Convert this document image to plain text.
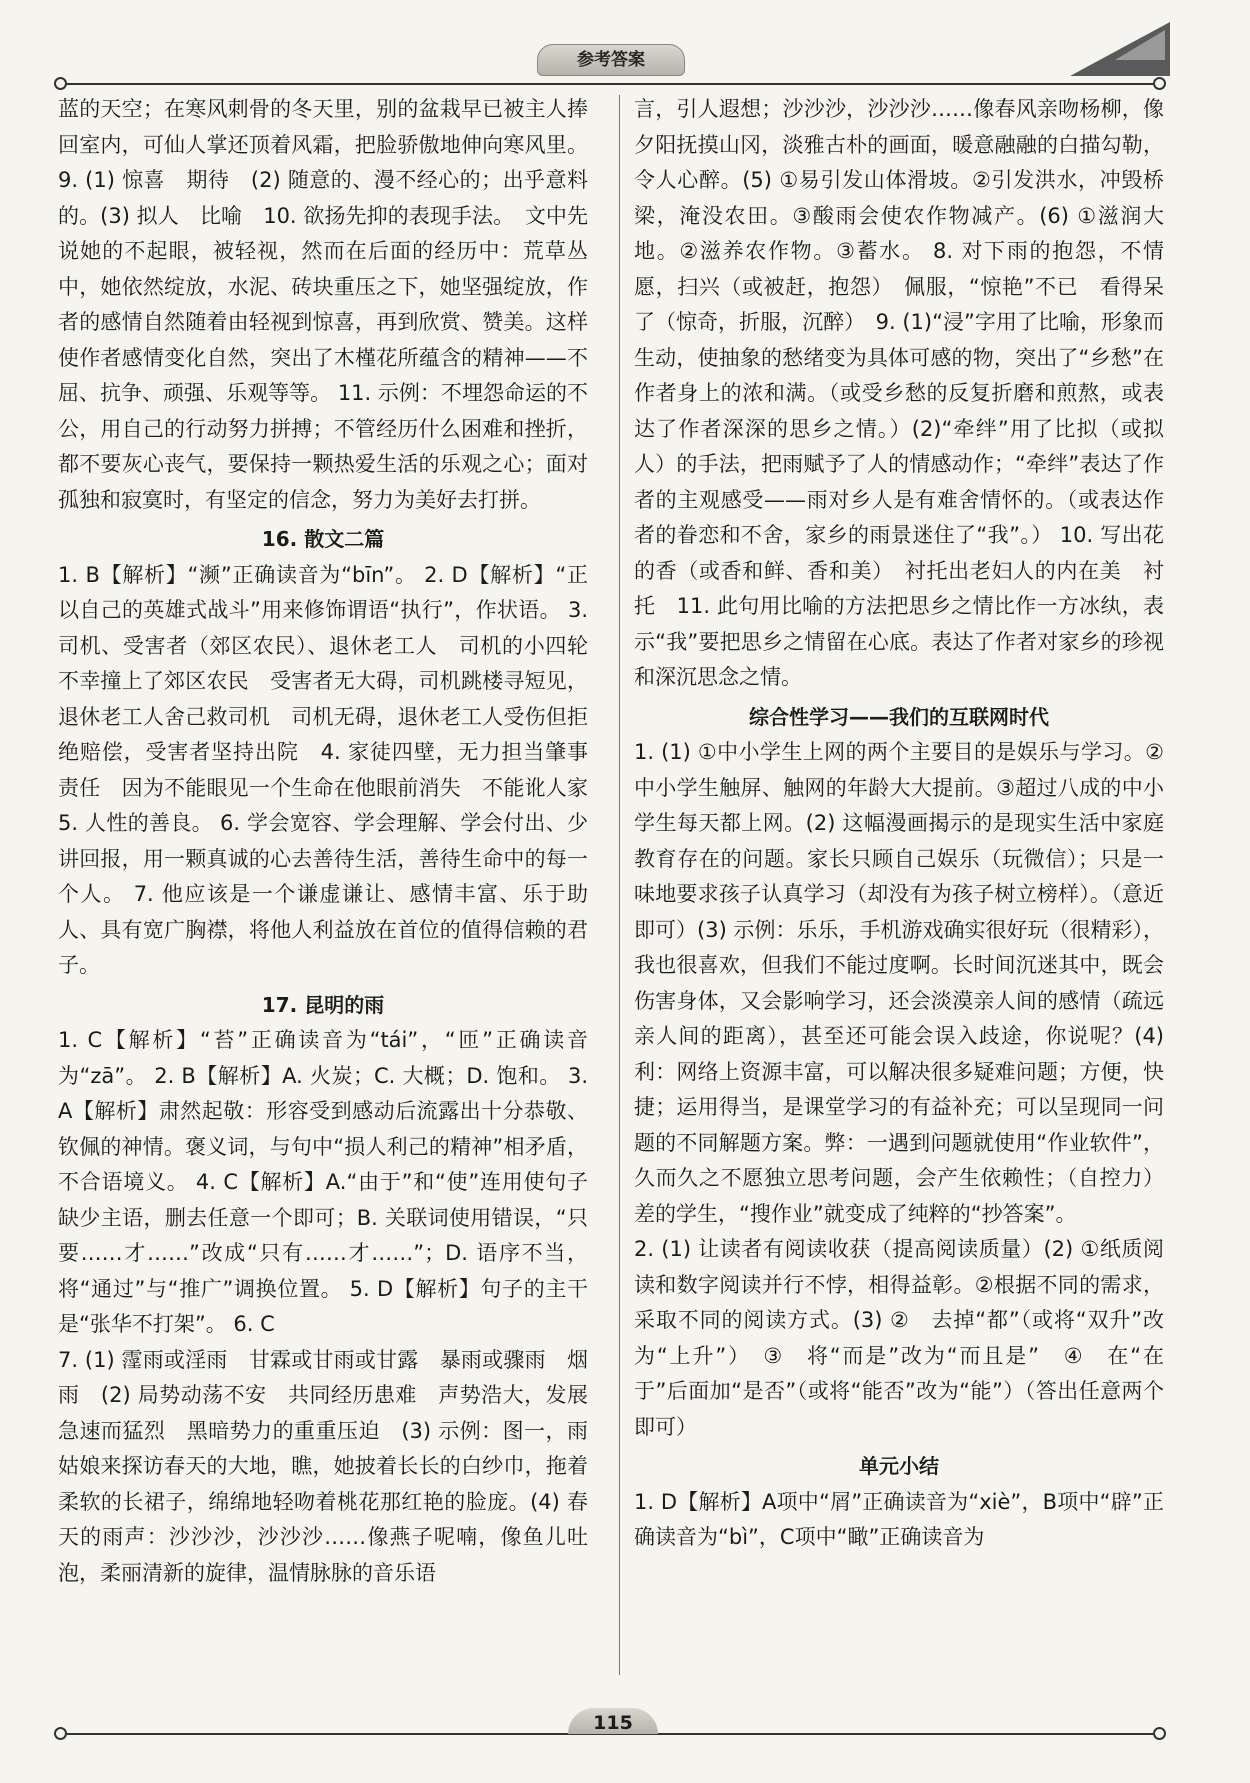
参考答案

蓝的天空；在寒风刺骨的冬天里，别的盆栽早已被主人捧回室内，可仙人掌还顶着风霜，把脸骄傲地伸向寒风里。 9. (1) 惊喜　期待　(2) 随意的、漫不经心的；出乎意料的。(3) 拟人　比喻　10. 欲扬先抑的表现手法。　文中先说她的不起眼，被轻视，然而在后面的经历中：荒草丛中，她依然绽放，水泥、砖块重压之下，她坚强绽放，作者的感情自然随着由轻视到惊喜，再到欣赏、赞美。这样使作者感情变化自然，突出了木槿花所蕴含的精神——不屈、抗争、顽强、乐观等等。 11. 示例：不埋怨命运的不公，用自己的行动努力拼搏；不管经历什么困难和挫折，都不要灰心丧气，要保持一颗热爱生活的乐观之心；面对孤独和寂寞时，有坚定的信念，努力为美好去打拼。

16. 散文二篇

1. B【解析】“濒”正确读音为“bīn”。 2. D【解析】“正以自己的英雄式战斗”用来修饰谓语“执行”，作状语。 3. 司机、受害者（郊区农民）、退休老工人　司机的小四轮不幸撞上了郊区农民　受害者无大碍，司机跳楼寻短见，退休老工人舍己救司机　司机无碍，退休老工人受伤但拒绝赔偿，受害者坚持出院　4. 家徒四壁，无力担当肇事责任　因为不能眼见一个生命在他眼前消失　不能讹人家　5. 人性的善良。 6. 学会宽容、学会理解、学会付出、少讲回报，用一颗真诚的心去善待生活，善待生命中的每一个人。 7. 他应该是一个谦虚谦让、感情丰富、乐于助人、具有宽广胸襟，将他人利益放在首位的值得信赖的君子。

17. 昆明的雨

1. C【解析】“苔”正确读音为“tái”，“匝”正确读音为“zā”。 2. B【解析】A. 火炭；C. 大概；D. 饱和。 3. A【解析】肃然起敬：形容受到感动后流露出十分恭敬、钦佩的神情。褒义词，与句中“损人利己的精神”相矛盾，不合语境义。 4. C【解析】A.“由于”和“使”连用使句子缺少主语，删去任意一个即可；B. 关联词使用错误，“只要……才……”改成“只有……才……”；D. 语序不当，将“通过”与“推广”调换位置。 5. D【解析】句子的主干是“张华不打架”。 6. C

7. (1) 霪雨或淫雨　甘霖或甘雨或甘露　暴雨或骤雨　烟雨　(2) 局势动荡不安　共同经历患难　声势浩大，发展急速而猛烈　黑暗势力的重重压迫　(3) 示例：图一，雨姑娘来探访春天的大地，瞧，她披着长长的白纱巾，拖着柔软的长裙子，绵绵地轻吻着桃花那红艳的脸庞。(4) 春天的雨声：沙沙沙，沙沙沙……像燕子呢喃，像鱼儿吐泡，柔丽清新的旋律，温情脉脉的音乐语

言，引人遐想；沙沙沙，沙沙沙……像春风亲吻杨柳，像夕阳抚摸山冈，淡雅古朴的画面，暖意融融的白描勾勒，令人心醉。(5) ①易引发山体滑坡。②引发洪水，冲毁桥梁，淹没农田。③酸雨会使农作物减产。(6) ①滋润大地。②滋养农作物。③蓄水。 8. 对下雨的抱怨，不情愿，扫兴（或被赶，抱怨）　佩服，“惊艳”不已　看得呆了（惊奇，折服，沉醉）　9. (1)“浸”字用了比喻，形象而生动，使抽象的愁绪变为具体可感的物，突出了“乡愁”在作者身上的浓和满。（或受乡愁的反复折磨和煎熬，或表达了作者深深的思乡之情。）(2)“牵绊”用了比拟（或拟人）的手法，把雨赋予了人的情感动作；“牵绊”表达了作者的主观感受——雨对乡人是有难舍情怀的。（或表达作者的眷恋和不舍，家乡的雨景迷住了“我”。） 10. 写出花的香（或香和鲜、香和美）　衬托出老妇人的内在美　衬托　11. 此句用比喻的方法把思乡之情比作一方冰纨，表示“我”要把思乡之情留在心底。表达了作者对家乡的珍视和深沉思念之情。

综合性学习——我们的互联网时代

1. (1) ①中小学生上网的两个主要目的是娱乐与学习。②中小学生触屏、触网的年龄大大提前。③超过八成的中小学生每天都上网。(2) 这幅漫画揭示的是现实生活中家庭教育存在的问题。家长只顾自己娱乐（玩微信）；只是一味地要求孩子认真学习（却没有为孩子树立榜样）。（意近即可）(3) 示例：乐乐，手机游戏确实很好玩（很精彩），我也很喜欢，但我们不能过度啊。长时间沉迷其中，既会伤害身体，又会影响学习，还会淡漠亲人间的感情（疏远亲人间的距离），甚至还可能会误入歧途，你说呢？(4) 利：网络上资源丰富，可以解决很多疑难问题；方便，快捷；运用得当，是课堂学习的有益补充；可以呈现同一问题的不同解题方案。弊：一遇到问题就使用“作业软件”，久而久之不愿独立思考问题，会产生依赖性；（自控力）差的学生，“搜作业”就变成了纯粹的“抄答案”。

2. (1) 让读者有阅读收获（提高阅读质量）(2) ①纸质阅读和数字阅读并行不悖，相得益彰。②根据不同的需求，采取不同的阅读方式。(3) ②　去掉“都”（或将“双升”改为“上升”）　③　将“而是”改为“而且是”　④　在“在于”后面加“是否”（或将“能否”改为“能”）（答出任意两个即可）

单元小结

1. D【解析】A项中“屑”正确读音为“xiè”，B项中“辟”正确读音为“bì”，C项中“瞰”正确读音为

115
